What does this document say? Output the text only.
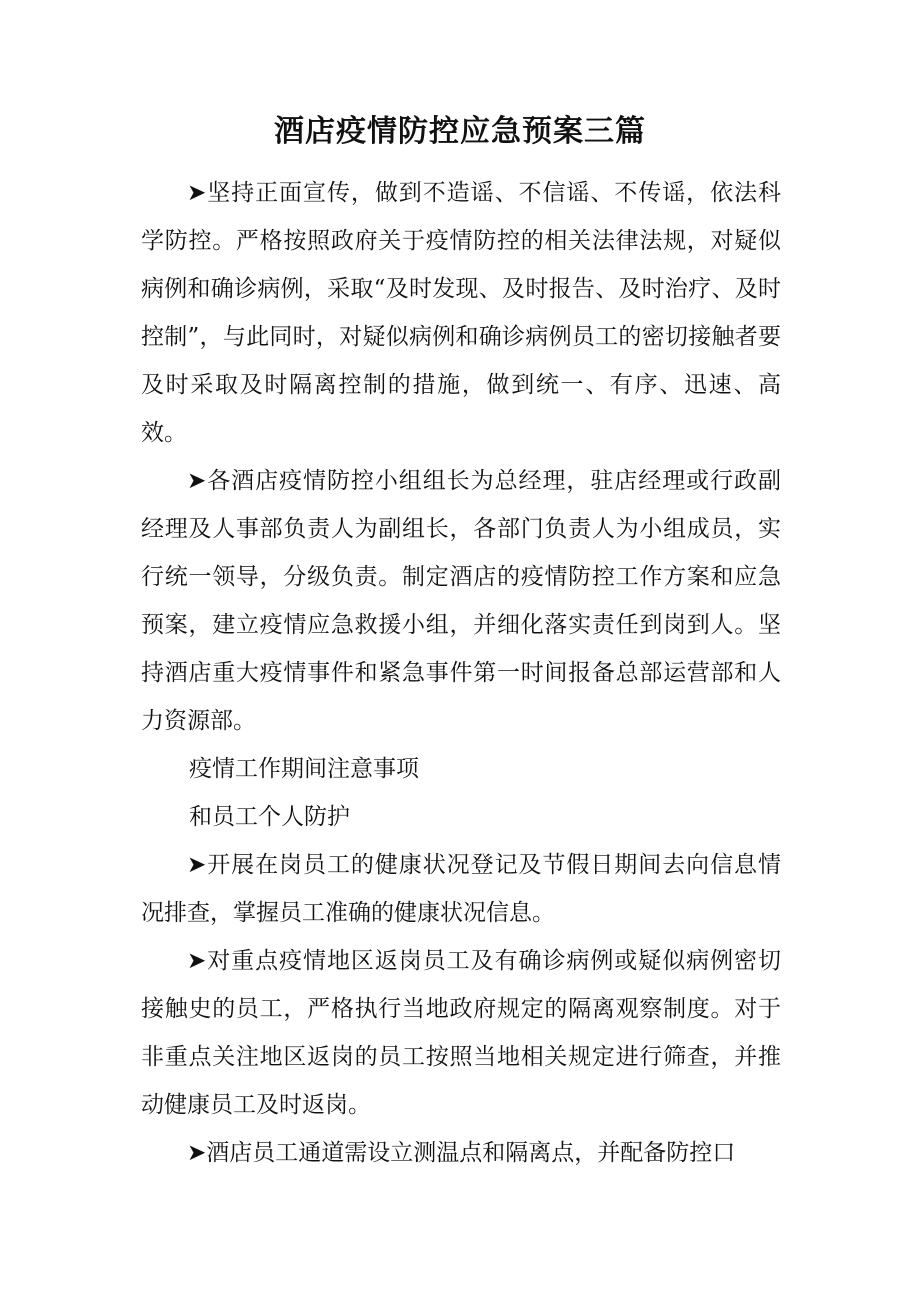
酒店疫情防控应急预案三篇

➤坚持正面宣传，做到不造谣、不信谣、不传谣，依法科学防控。严格按照政府关于疫情防控的相关法律法规，对疑似病例和确诊病例，采取“及时发现、及时报告、及时治疗、及时控制”，与此同时，对疑似病例和确诊病例员工的密切接触者要及时采取及时隔离控制的措施，做到统一、有序、迅速、高效。

➤各酒店疫情防控小组组长为总经理，驻店经理或行政副经理及人事部负责人为副组长，各部门负责人为小组成员，实行统一领导，分级负责。制定酒店的疫情防控工作方案和应急预案，建立疫情应急救援小组，并细化落实责任到岗到人。坚持酒店重大疫情事件和紧急事件第一时间报备总部运营部和人力资源部。

疫情工作期间注意事项

和员工个人防护

➤开展在岗员工的健康状况登记及节假日期间去向信息情况排查，掌握员工准确的健康状况信息。

➤对重点疫情地区返岗员工及有确诊病例或疑似病例密切接触史的员工，严格执行当地政府规定的隔离观察制度。对于非重点关注地区返岗的员工按照当地相关规定进行筛查，并推动健康员工及时返岗。

➤酒店员工通道需设立测温点和隔离点，并配备防控口
